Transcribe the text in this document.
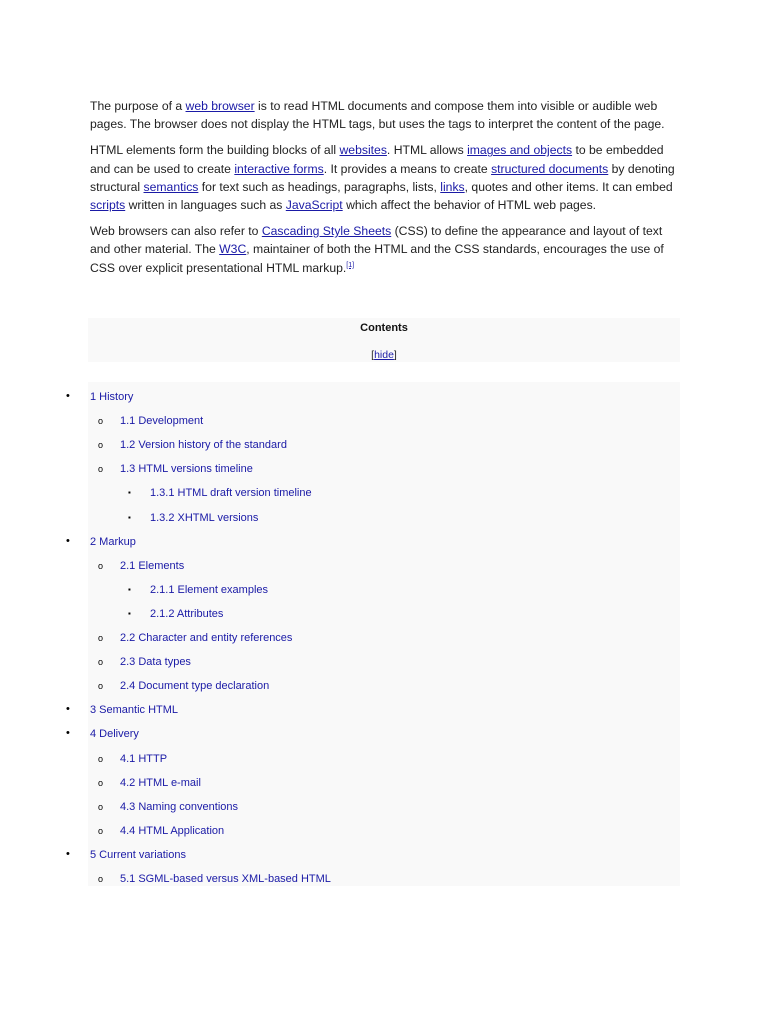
The purpose of a web browser is to read HTML documents and compose them into visible or audible web pages. The browser does not display the HTML tags, but uses the tags to interpret the content of the page.

HTML elements form the building blocks of all websites. HTML allows images and objects to be embedded and can be used to create interactive forms. It provides a means to create structured documents by denoting structural semantics for text such as headings, paragraphs, lists, links, quotes and other items. It can embed scripts written in languages such as JavaScript which affect the behavior of HTML web pages.

Web browsers can also refer to Cascading Style Sheets (CSS) to define the appearance and layout of text and other material. The W3C, maintainer of both the HTML and the CSS standards, encourages the use of CSS over explicit presentational HTML markup.[1]

Contents
[hide]
• 1 History
o 1.1 Development
o 1.2 Version history of the standard
o 1.3 HTML versions timeline
▪ 1.3.1 HTML draft version timeline
▪ 1.3.2 XHTML versions
• 2 Markup
o 2.1 Elements
▪ 2.1.1 Element examples
▪ 2.1.2 Attributes
o 2.2 Character and entity references
o 2.3 Data types
o 2.4 Document type declaration
• 3 Semantic HTML
• 4 Delivery
o 4.1 HTTP
o 4.2 HTML e-mail
o 4.3 Naming conventions
o 4.4 HTML Application
• 5 Current variations
o 5.1 SGML-based versus XML-based HTML
